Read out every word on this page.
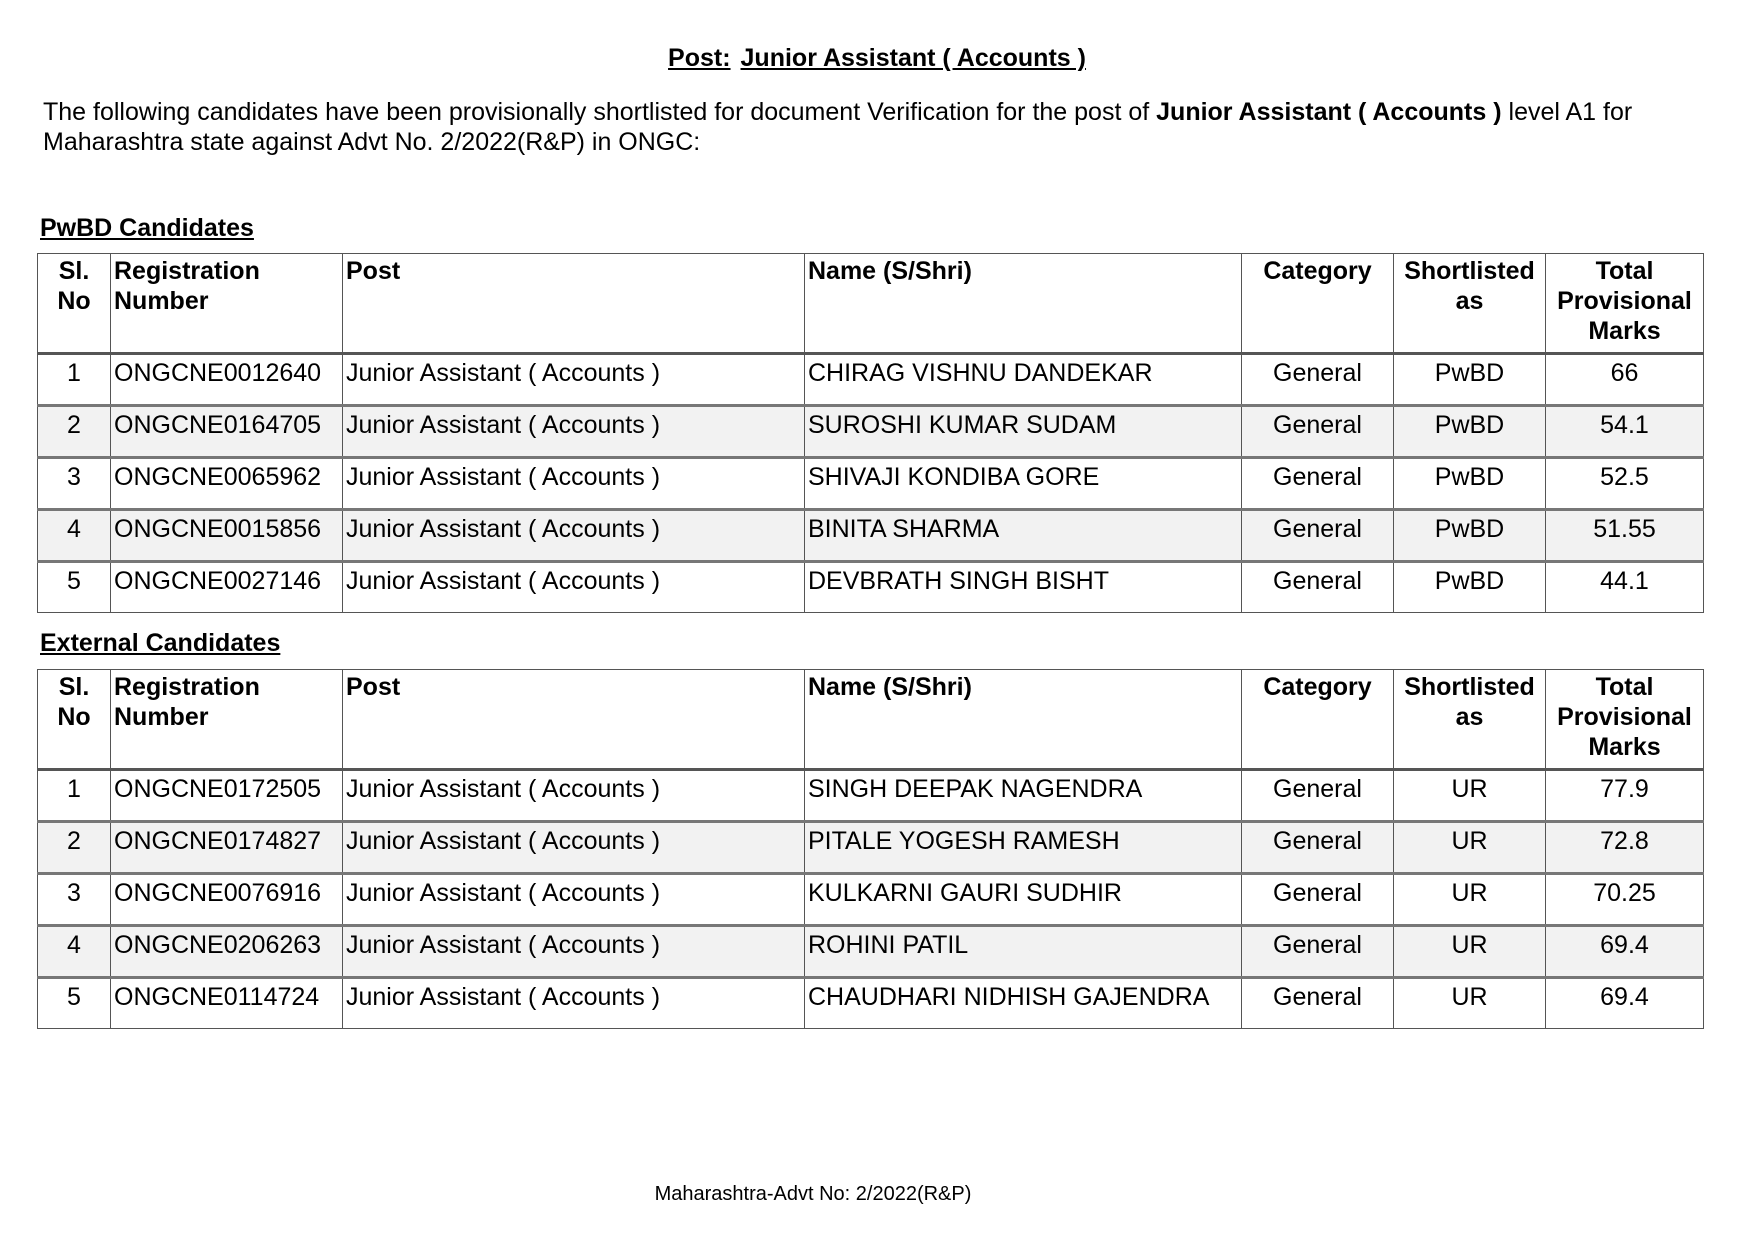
Post: Junior Assistant ( Accounts )
The following candidates have been provisionally shortlisted for document Verification for the post of Junior Assistant ( Accounts ) level A1 for Maharashtra state against Advt No. 2/2022(R&P) in ONGC:
PwBD Candidates
Sl. No	Registration Number	Post	Name (S/Shri)	Category	Shortlisted as	Total Provisional Marks
1	ONGCNE0012640	Junior Assistant ( Accounts )	CHIRAG VISHNU DANDEKAR	General	PwBD	66
2	ONGCNE0164705	Junior Assistant ( Accounts )	SUROSHI KUMAR SUDAM	General	PwBD	54.1
3	ONGCNE0065962	Junior Assistant ( Accounts )	SHIVAJI KONDIBA GORE	General	PwBD	52.5
4	ONGCNE0015856	Junior Assistant ( Accounts )	BINITA SHARMA	General	PwBD	51.55
5	ONGCNE0027146	Junior Assistant ( Accounts )	DEVBRATH SINGH BISHT	General	PwBD	44.1
External Candidates
Sl. No	Registration Number	Post	Name (S/Shri)	Category	Shortlisted as	Total Provisional Marks
1	ONGCNE0172505	Junior Assistant ( Accounts )	SINGH DEEPAK NAGENDRA	General	UR	77.9
2	ONGCNE0174827	Junior Assistant ( Accounts )	PITALE YOGESH RAMESH	General	UR	72.8
3	ONGCNE0076916	Junior Assistant ( Accounts )	KULKARNI GAURI SUDHIR	General	UR	70.25
4	ONGCNE0206263	Junior Assistant ( Accounts )	ROHINI PATIL	General	UR	69.4
5	ONGCNE0114724	Junior Assistant ( Accounts )	CHAUDHARI NIDHISH GAJENDRA	General	UR	69.4
Maharashtra-Advt No: 2/2022(R&P)
